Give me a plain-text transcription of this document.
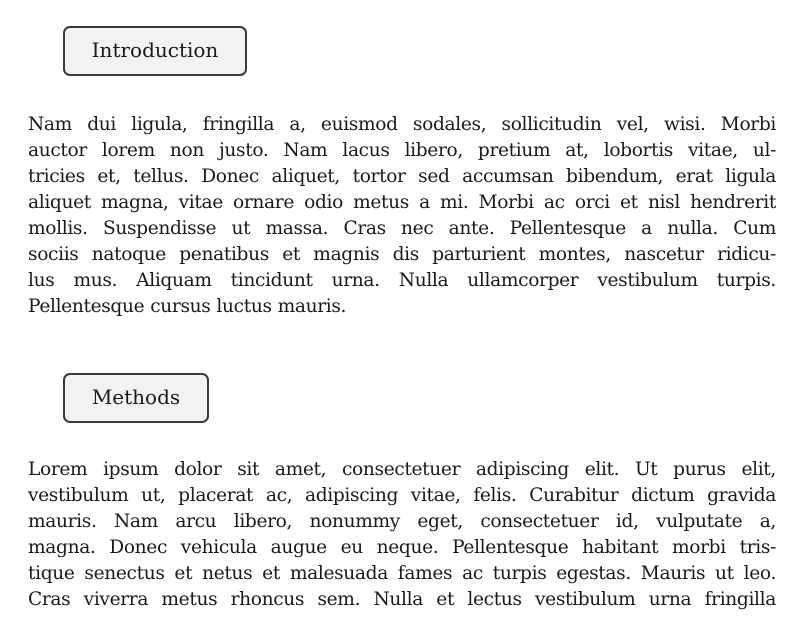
Introduction

Nam dui ligula, fringilla a, euismod sodales, sollicitudin vel, wisi. Morbi
auctor lorem non justo. Nam lacus libero, pretium at, lobortis vitae, ul-
tricies et, tellus. Donec aliquet, tortor sed accumsan bibendum, erat ligula
aliquet magna, vitae ornare odio metus a mi. Morbi ac orci et nisl hendrerit
mollis. Suspendisse ut massa. Cras nec ante. Pellentesque a nulla. Cum
sociis natoque penatibus et magnis dis parturient montes, nascetur ridicu-
lus mus. Aliquam tincidunt urna. Nulla ullamcorper vestibulum turpis.
Pellentesque cursus luctus mauris.

Methods

Lorem ipsum dolor sit amet, consectetuer adipiscing elit. Ut purus elit,
vestibulum ut, placerat ac, adipiscing vitae, felis. Curabitur dictum gravida
mauris. Nam arcu libero, nonummy eget, consectetuer id, vulputate a,
magna. Donec vehicula augue eu neque. Pellentesque habitant morbi tris-
tique senectus et netus et malesuada fames ac turpis egestas. Mauris ut leo.
Cras viverra metus rhoncus sem. Nulla et lectus vestibulum urna fringilla
